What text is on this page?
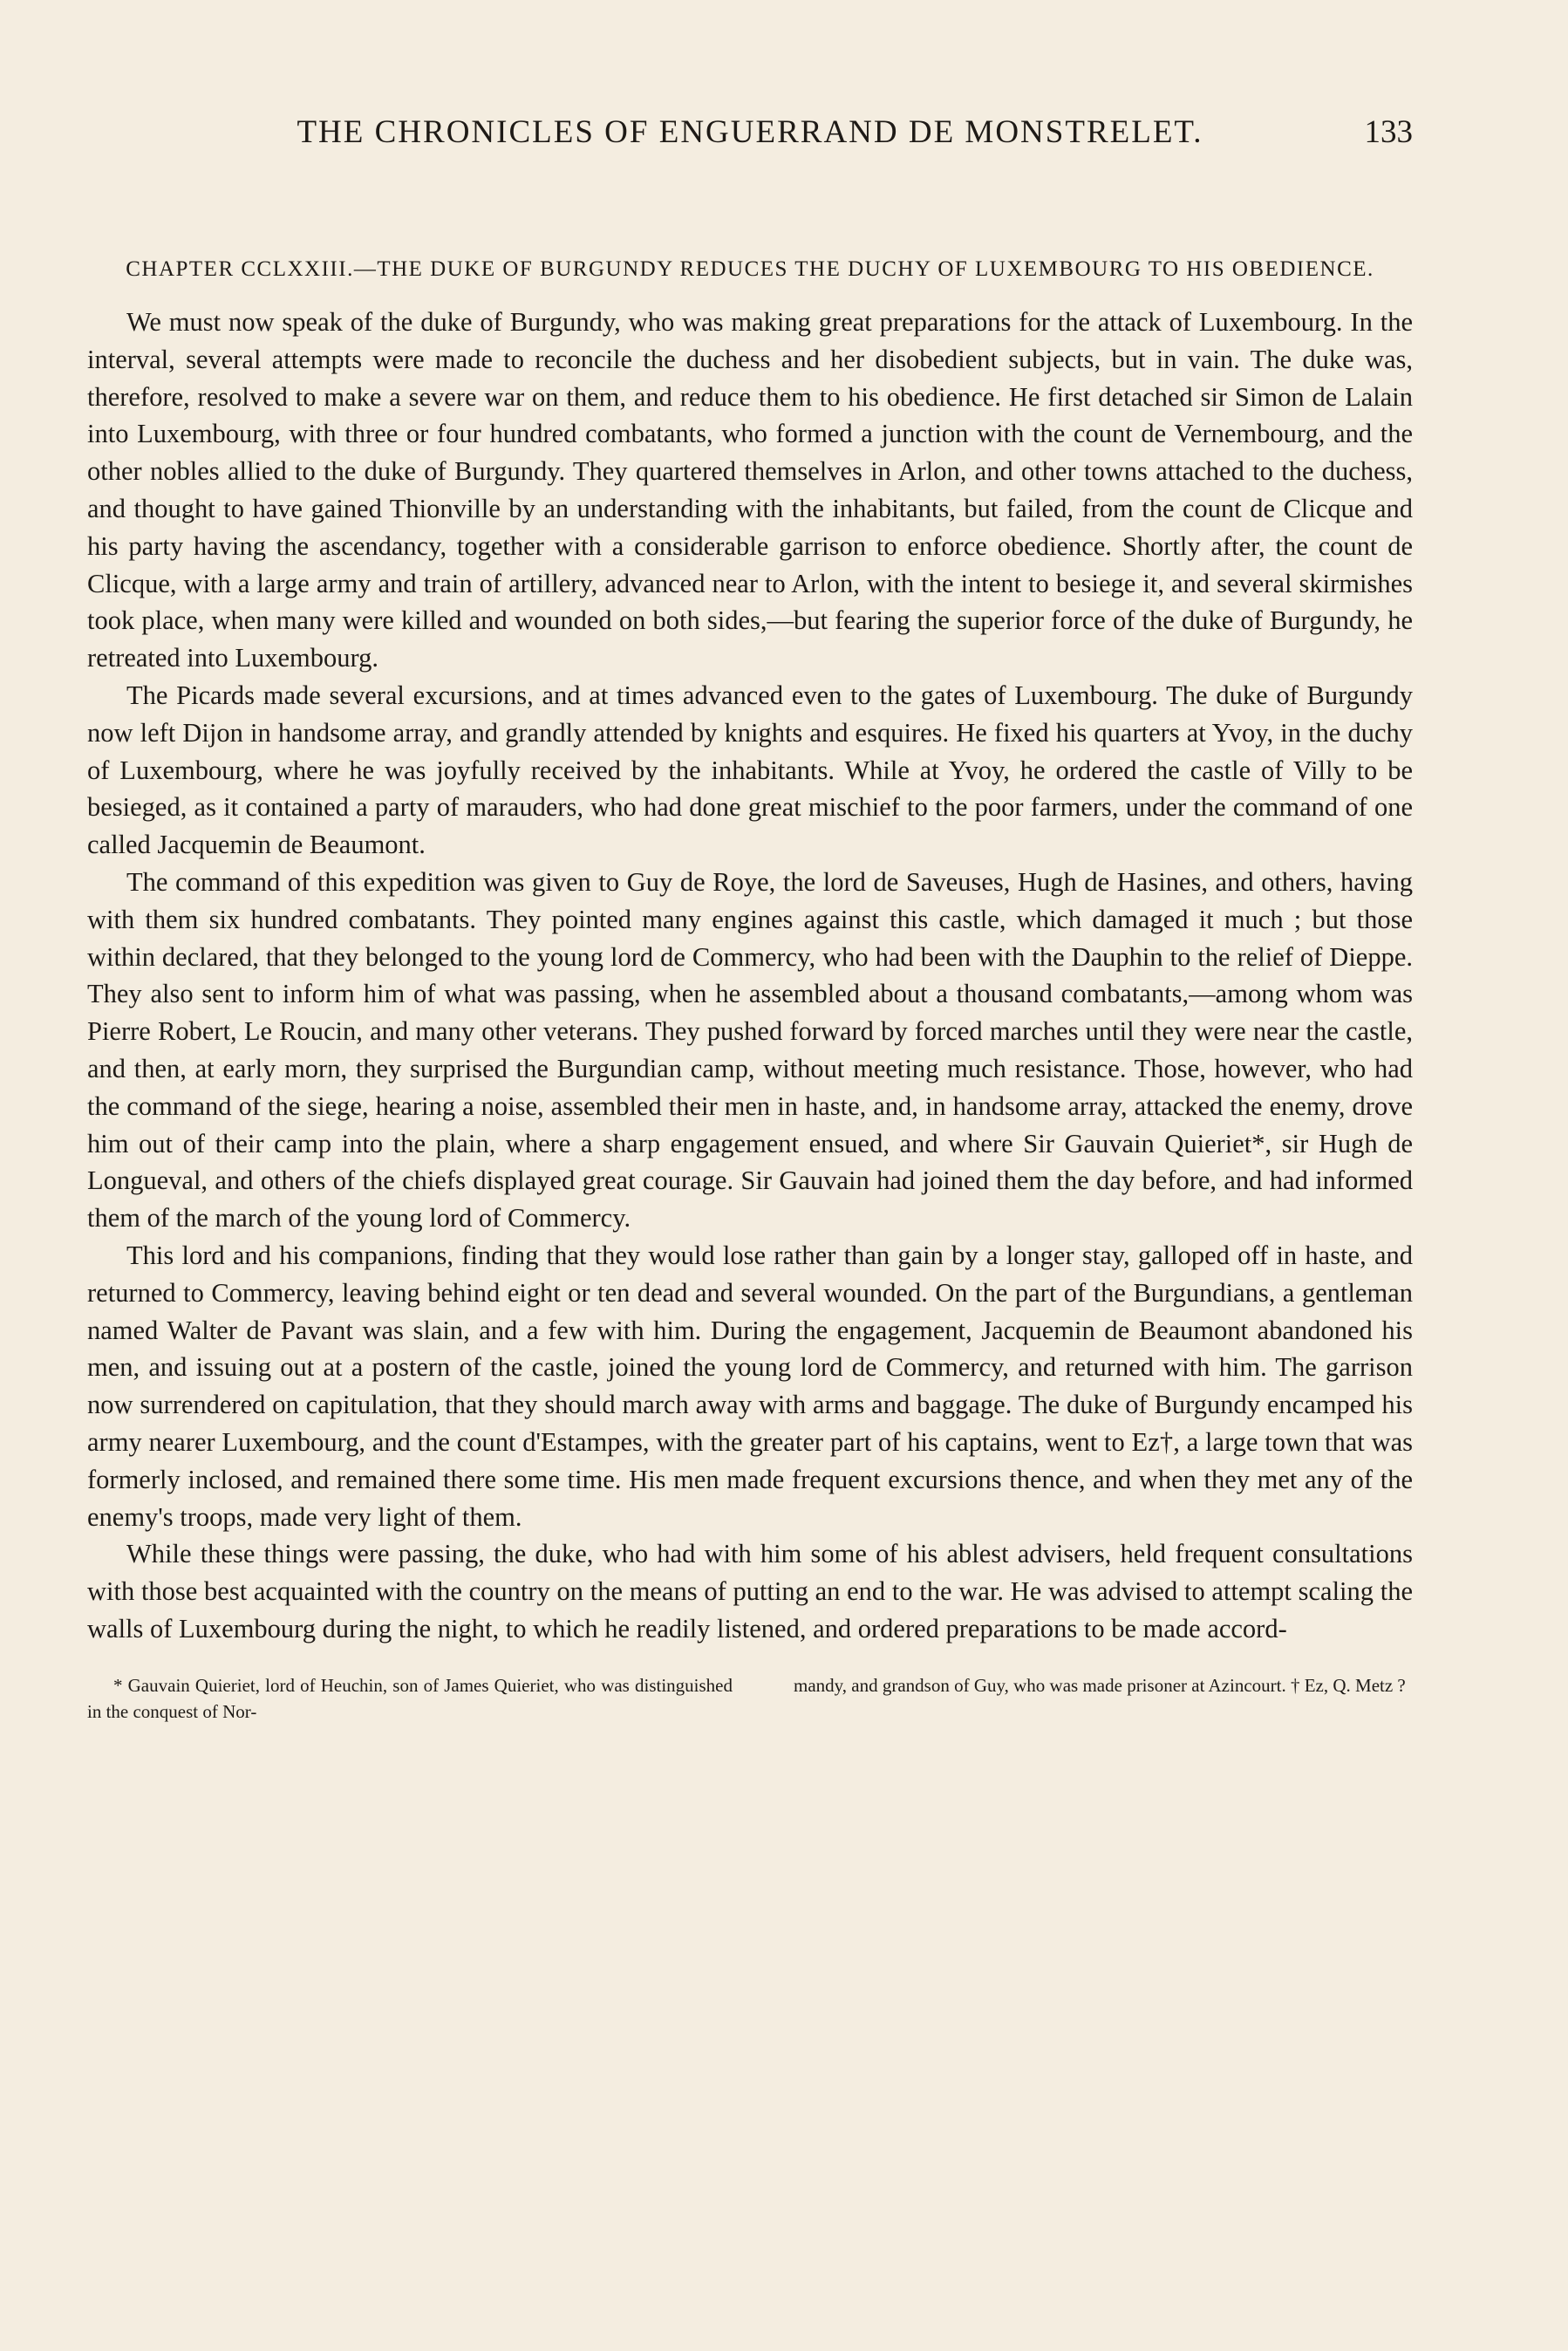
THE CHRONICLES OF ENGUERRAND DE MONSTRELET.	133
CHAPTER CCLXXIII.—THE DUKE OF BURGUNDY REDUCES THE DUCHY OF LUXEMBOURG TO HIS OBEDIENCE.

We must now speak of the duke of Burgundy, who was making great preparations for the attack of Luxembourg. In the interval, several attempts were made to reconcile the duchess and her disobedient subjects, but in vain. The duke was, therefore, resolved to make a severe war on them, and reduce them to his obedience. He first detached sir Simon de Lalain into Luxembourg, with three or four hundred combatants, who formed a junction with the count de Vernembourg, and the other nobles allied to the duke of Burgundy. They quartered themselves in Arlon, and other towns attached to the duchess, and thought to have gained Thionville by an understanding with the inhabitants, but failed, from the count de Clicque and his party having the ascendancy, together with a considerable garrison to enforce obedience. Shortly after, the count de Clicque, with a large army and train of artillery, advanced near to Arlon, with the intent to besiege it, and several skirmishes took place, when many were killed and wounded on both sides,—but fearing the superior force of the duke of Burgundy, he retreated into Luxembourg.

The Picards made several excursions, and at times advanced even to the gates of Luxembourg. The duke of Burgundy now left Dijon in handsome array, and grandly attended by knights and esquires. He fixed his quarters at Yvoy, in the duchy of Luxembourg, where he was joyfully received by the inhabitants. While at Yvoy, he ordered the castle of Villy to be besieged, as it contained a party of marauders, who had done great mischief to the poor farmers, under the command of one called Jacquemin de Beaumont.

The command of this expedition was given to Guy de Roye, the lord de Saveuses, Hugh de Hasines, and others, having with them six hundred combatants. They pointed many engines against this castle, which damaged it much ; but those within declared, that they belonged to the young lord de Commercy, who had been with the Dauphin to the relief of Dieppe. They also sent to inform him of what was passing, when he assembled about a thousand combatants,—among whom was Pierre Robert, Le Roucin, and many other veterans. They pushed forward by forced marches until they were near the castle, and then, at early morn, they surprised the Burgundian camp, without meeting much resistance. Those, however, who had the command of the siege, hearing a noise, assembled their men in haste, and, in handsome array, attacked the enemy, drove him out of their camp into the plain, where a sharp engagement ensued, and where Sir Gauvain Quieriet*, sir Hugh de Longueval, and others of the chiefs displayed great courage. Sir Gauvain had joined them the day before, and had informed them of the march of the young lord of Commercy.

This lord and his companions, finding that they would lose rather than gain by a longer stay, galloped off in haste, and returned to Commercy, leaving behind eight or ten dead and several wounded. On the part of the Burgundians, a gentleman named Walter de Pavant was slain, and a few with him. During the engagement, Jacquemin de Beaumont abandoned his men, and issuing out at a postern of the castle, joined the young lord de Commercy, and returned with him. The garrison now surrendered on capitulation, that they should march away with arms and baggage. The duke of Burgundy encamped his army nearer Luxembourg, and the count d'Estampes, with the greater part of his captains, went to Ez†, a large town that was formerly inclosed, and remained there some time. His men made frequent excursions thence, and when they met any of the enemy's troops, made very light of them.

While these things were passing, the duke, who had with him some of his ablest advisers, held frequent consultations with those best acquainted with the country on the means of putting an end to the war. He was advised to attempt scaling the walls of Luxembourg during the night, to which he readily listened, and ordered preparations to be made accord-

* Gauvain Quieriet, lord of Heuchin, son of James Quieriet, who was distinguished in the conquest of Nor-
mandy, and grandson of Guy, who was made prisoner at Azincourt. † Ez, Q. Metz ?
